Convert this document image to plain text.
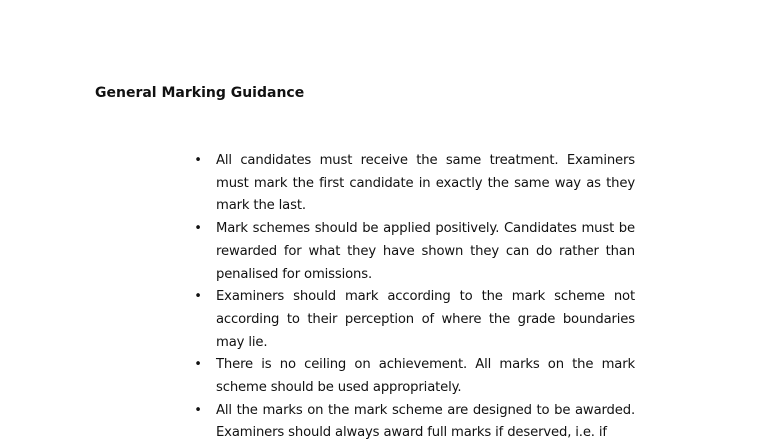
General Marking Guidance
• All candidates must receive the same treatment. Examiners must mark the first candidate in exactly the same way as they mark the last.
• Mark schemes should be applied positively. Candidates must be rewarded for what they have shown they can do rather than penalised for omissions.
• Examiners should mark according to the mark scheme not according to their perception of where the grade boundaries may lie.
• There is no ceiling on achievement. All marks on the mark scheme should be used appropriately.
• All the marks on the mark scheme are designed to be awarded. Examiners should always award full marks if deserved, i.e. if
